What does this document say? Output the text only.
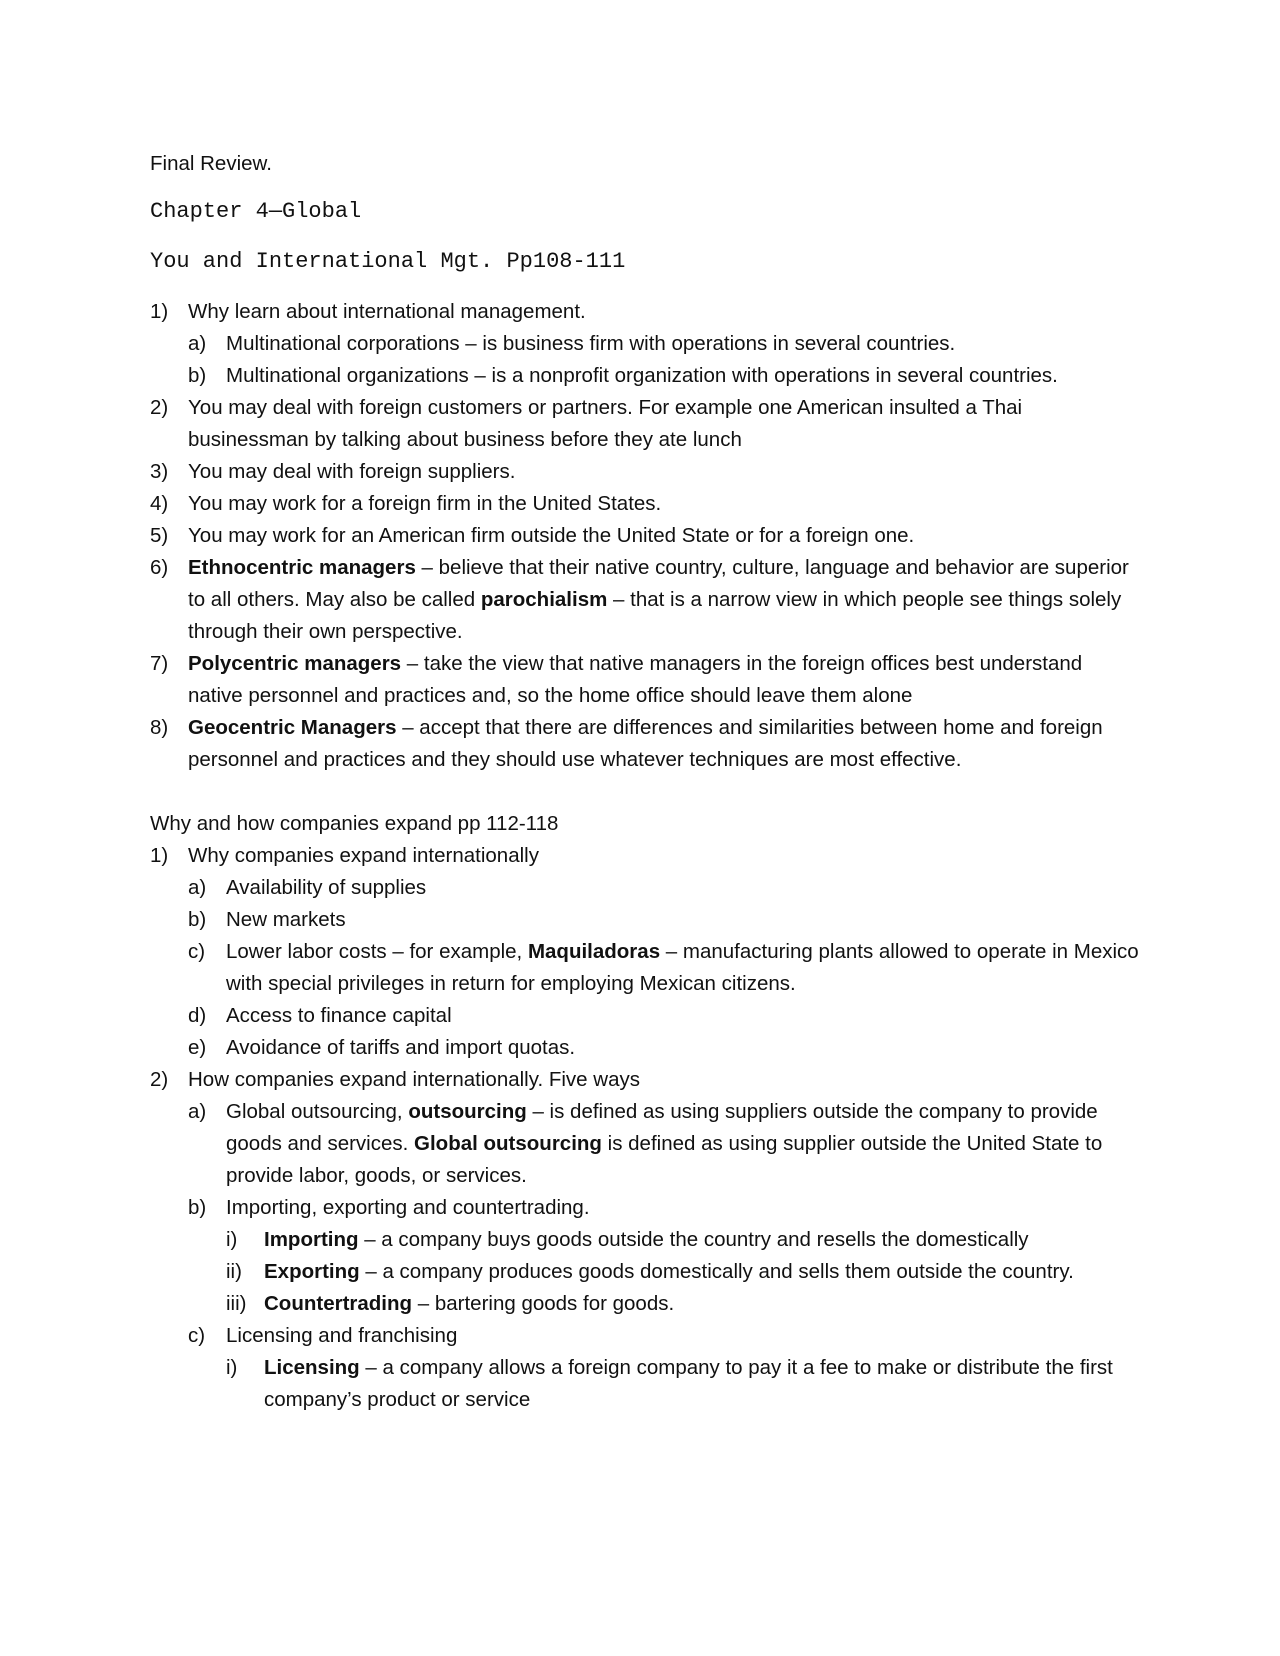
Final Review.
Chapter 4—Global
You and International Mgt. Pp108-111
1) Why learn about international management.
a) Multinational corporations – is business firm with operations in several countries.
b) Multinational organizations – is a nonprofit organization with operations in several countries.
2) You may deal with foreign customers or partners. For example one American insulted a Thai businessman by talking about business before they ate lunch
3) You may deal with foreign suppliers.
4) You may work for a foreign firm in the United States.
5) You may work for an American firm outside the United State or for a foreign one.
6) Ethnocentric managers – believe that their native country, culture, language and behavior are superior to all others. May also be called parochialism – that is a narrow view in which people see things solely through their own perspective.
7) Polycentric managers – take the view that native managers in the foreign offices best understand native personnel and practices and, so the home office should leave them alone
8) Geocentric Managers – accept that there are differences and similarities between home and foreign personnel and practices and they should use whatever techniques are most effective.
Why and how companies expand pp 112-118
1) Why companies expand internationally
a) Availability of supplies
b) New markets
c)	Lower labor costs – for example, Maquiladoras – manufacturing plants allowed to operate in Mexico with special privileges in return for employing Mexican citizens.
d) Access to finance capital
e) Avoidance of tariffs and import quotas.
2) How companies expand internationally. Five ways
a) Global outsourcing, outsourcing – is defined as using suppliers outside the company to provide goods and services. Global outsourcing is defined as using supplier outside the United State to provide labor, goods, or services.
b) Importing, exporting and countertrading.
i)	Importing – a company buys goods outside the country and resells the domestically
ii)	Exporting – a company produces goods domestically and sells them outside the country.
iii) Countertrading – bartering goods for goods.
c)	Licensing and franchising
i)	Licensing – a company allows a foreign company to pay it a fee to make or distribute the first company’s product or service
